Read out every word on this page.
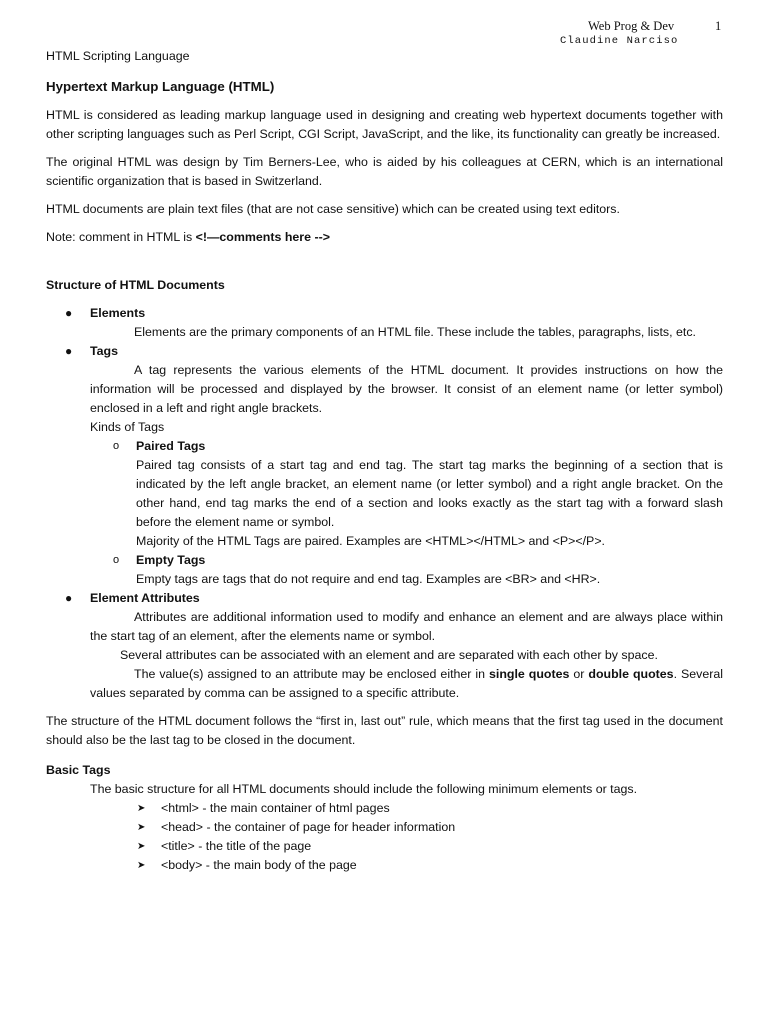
Web Prog & Dev	1
Claudine Narciso
HTML Scripting Language
Hypertext Markup Language (HTML)

HTML is considered as leading markup language used in designing and creating web hypertext documents together with other scripting languages such as Perl Script, CGI Script, JavaScript, and the like, its functionality can greatly be increased.

The original HTML was design by Tim Berners-Lee, who is aided by his colleagues at CERN, which is an international scientific organization that is based in Switzerland.

HTML documents are plain text files (that are not case sensitive) which can be created using text editors.

Note: comment in HTML is <!—comments here -->

Structure of HTML Documents
● Elements
Elements are the primary components of an HTML file. These include the tables, paragraphs, lists, etc.
● Tags
A tag represents the various elements of the HTML document. It provides instructions on how the information will be processed and displayed by the browser. It consist of an element name (or letter symbol) enclosed in a left and right angle brackets.
Kinds of Tags
o Paired Tags
Paired tag consists of a start tag and end tag. The start tag marks the beginning of a section that is indicated by the left angle bracket, an element name (or letter symbol) and a right angle bracket. On the other hand, end tag marks the end of a section and looks exactly as the start tag with a forward slash before the element name or symbol.
Majority of the HTML Tags are paired. Examples are <HTML></HTML> and <P></P>.
o Empty Tags
Empty tags are tags that do not require and end tag. Examples are <BR> and <HR>.
● Element Attributes
Attributes are additional information used to modify and enhance an element and are always place within the start tag of an element, after the elements name or symbol.
Several attributes can be associated with an element and are separated with each other by space.
The value(s) assigned to an attribute may be enclosed either in single quotes or double quotes. Several values separated by comma can be assigned to a specific attribute.

The structure of the HTML document follows the “first in, last out” rule, which means that the first tag used in the document should also be the last tag to be closed in the document.

Basic Tags
The basic structure for all HTML documents should include the following minimum elements or tags.
➤ <html> - the main container of html pages
➤ <head> - the container of page for header information
➤ <title> - the title of the page
➤ <body> - the main body of the page
